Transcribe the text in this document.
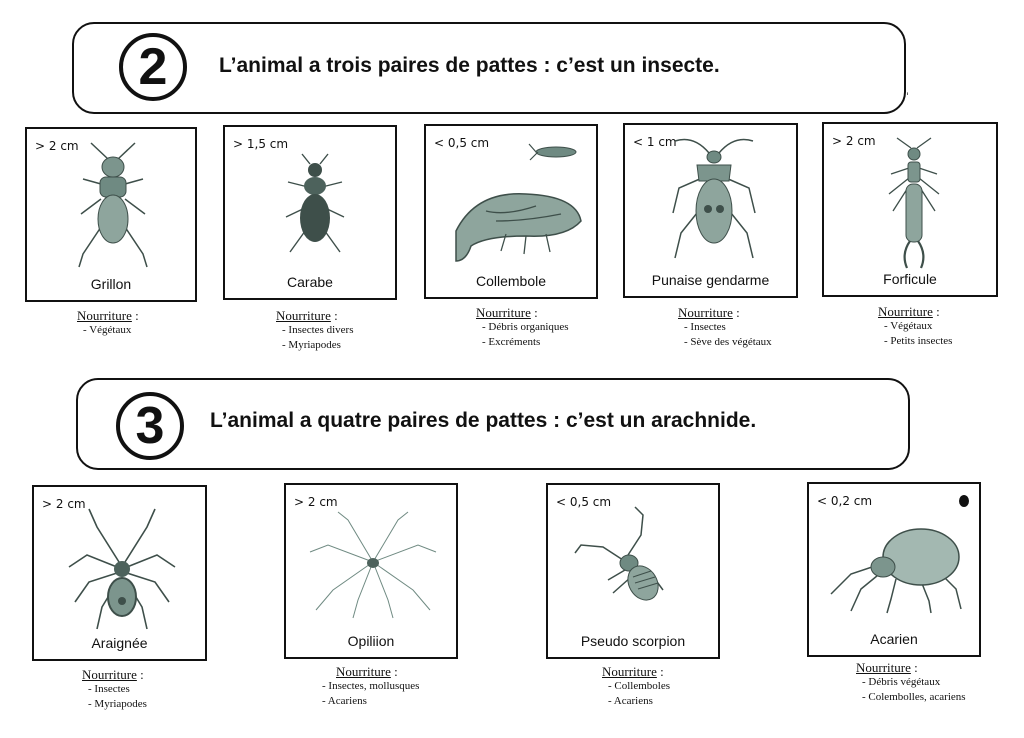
2	L’animal a trois paires de pattes : c’est un insecte.
ˈ
> 2 cm
Grillon
Nourriture :
- Végétaux
> 1,5 cm
Carabe
Nourriture :
- Insectes divers
- Myriapodes
< 0,5 cm
Collembole
Nourriture :
- Débris organiques
- Excréments
< 1 cm
Punaise gendarme
Nourriture :
- Insectes
- Sève des végétaux
> 2 cm
Forficule
Nourriture :
- Végétaux
- Petits insectes
3	L’animal a quatre paires de pattes : c’est un arachnide.
> 2 cm
Araignée
Nourriture :
- Insectes
- Myriapodes
> 2 cm
Opiliion
Nourriture :
- Insectes, mollusques
- Acariens
< 0,5 cm
Pseudo scorpion
Nourriture :
- Collemboles
- Acariens
< 0,2 cm
Acarien
Nourriture :
- Débris végétaux
- Colembolles, acariens
